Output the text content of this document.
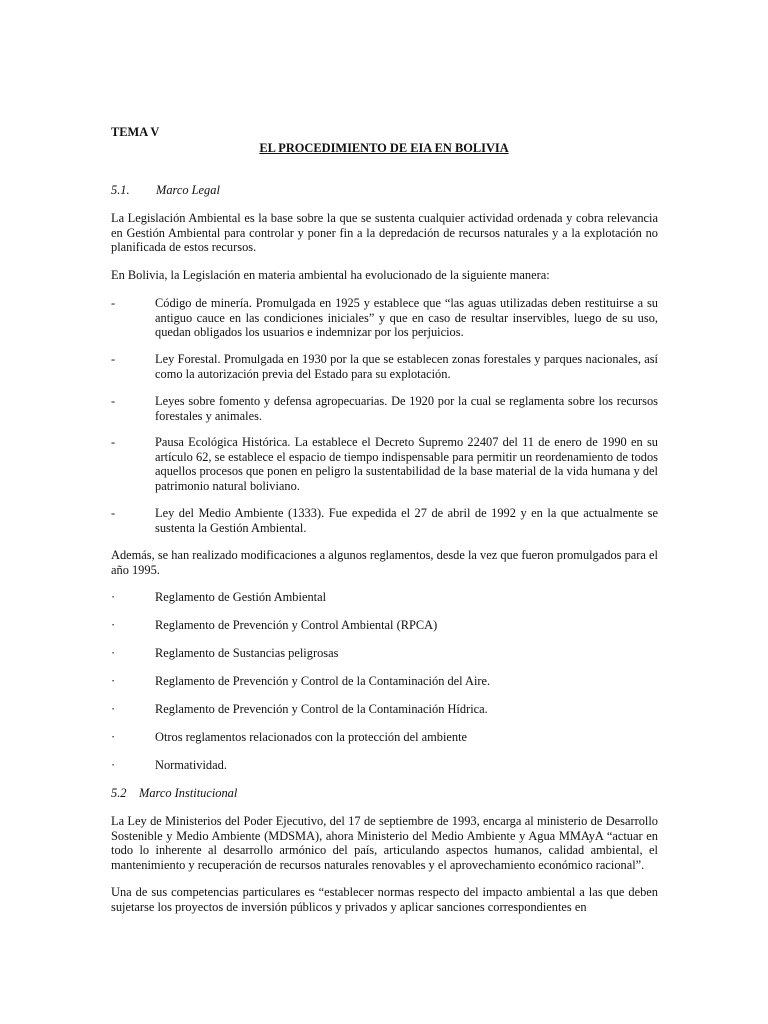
TEMA V
EL PROCEDIMIENTO DE EIA EN BOLIVIA
5.1. Marco Legal
La Legislación Ambiental es la base sobre la que se sustenta cualquier actividad ordenada y cobra relevancia en Gestión Ambiental para controlar y poner fin a la depredación de recursos naturales y a la explotación no planificada de estos recursos.
En Bolivia, la Legislación en materia ambiental ha evolucionado de la siguiente manera:
-	Código de minería. Promulgada en 1925 y establece que “las aguas utilizadas deben restituirse a su antiguo cauce en las condiciones iniciales” y que en caso de resultar inservibles, luego de su uso, quedan obligados los usuarios e indemnizar por los perjuicios.
-	Ley Forestal. Promulgada en 1930 por la que se establecen zonas forestales y parques nacionales, así como la autorización previa del Estado para su explotación.
-	Leyes sobre fomento y defensa agropecuarias. De 1920 por la cual se reglamenta sobre los recursos forestales y animales.
-	Pausa Ecológica Histórica. La establece el Decreto Supremo 22407 del 11 de enero de 1990 en su artículo 62, se establece el espacio de tiempo indispensable para permitir un reordenamiento de todos aquellos procesos que ponen en peligro la sustentabilidad de la base material de la vida humana y del patrimonio natural boliviano.
-	Ley del Medio Ambiente (1333). Fue expedida el 27 de abril de 1992 y en la que actualmente se sustenta la Gestión Ambiental.
Además, se han realizado modificaciones a algunos reglamentos, desde la vez que fueron promulgados para el año 1995.
·	Reglamento de Gestión Ambiental
·	Reglamento de Prevención y Control Ambiental (RPCA)
·	Reglamento de Sustancias peligrosas
·	Reglamento de Prevención y Control de la Contaminación del Aire.
·	Reglamento de Prevención y Control de la Contaminación Hídrica.
·	Otros reglamentos relacionados con la protección del ambiente
·	Normatividad.
5.2 Marco Institucional
La Ley de Ministerios del Poder Ejecutivo, del 17 de septiembre de 1993, encarga al ministerio de Desarrollo Sostenible y Medio Ambiente (MDSMA), ahora Ministerio del Medio Ambiente y Agua MMAyA “actuar en todo lo inherente al desarrollo armónico del país, articulando aspectos humanos, calidad ambiental, el mantenimiento y recuperación de recursos naturales renovables y el aprovechamiento económico racional”.
Una de sus competencias particulares es “establecer normas respecto del impacto ambiental a las que deben sujetarse los proyectos de inversión públicos y privados y aplicar sanciones correspondientes en
